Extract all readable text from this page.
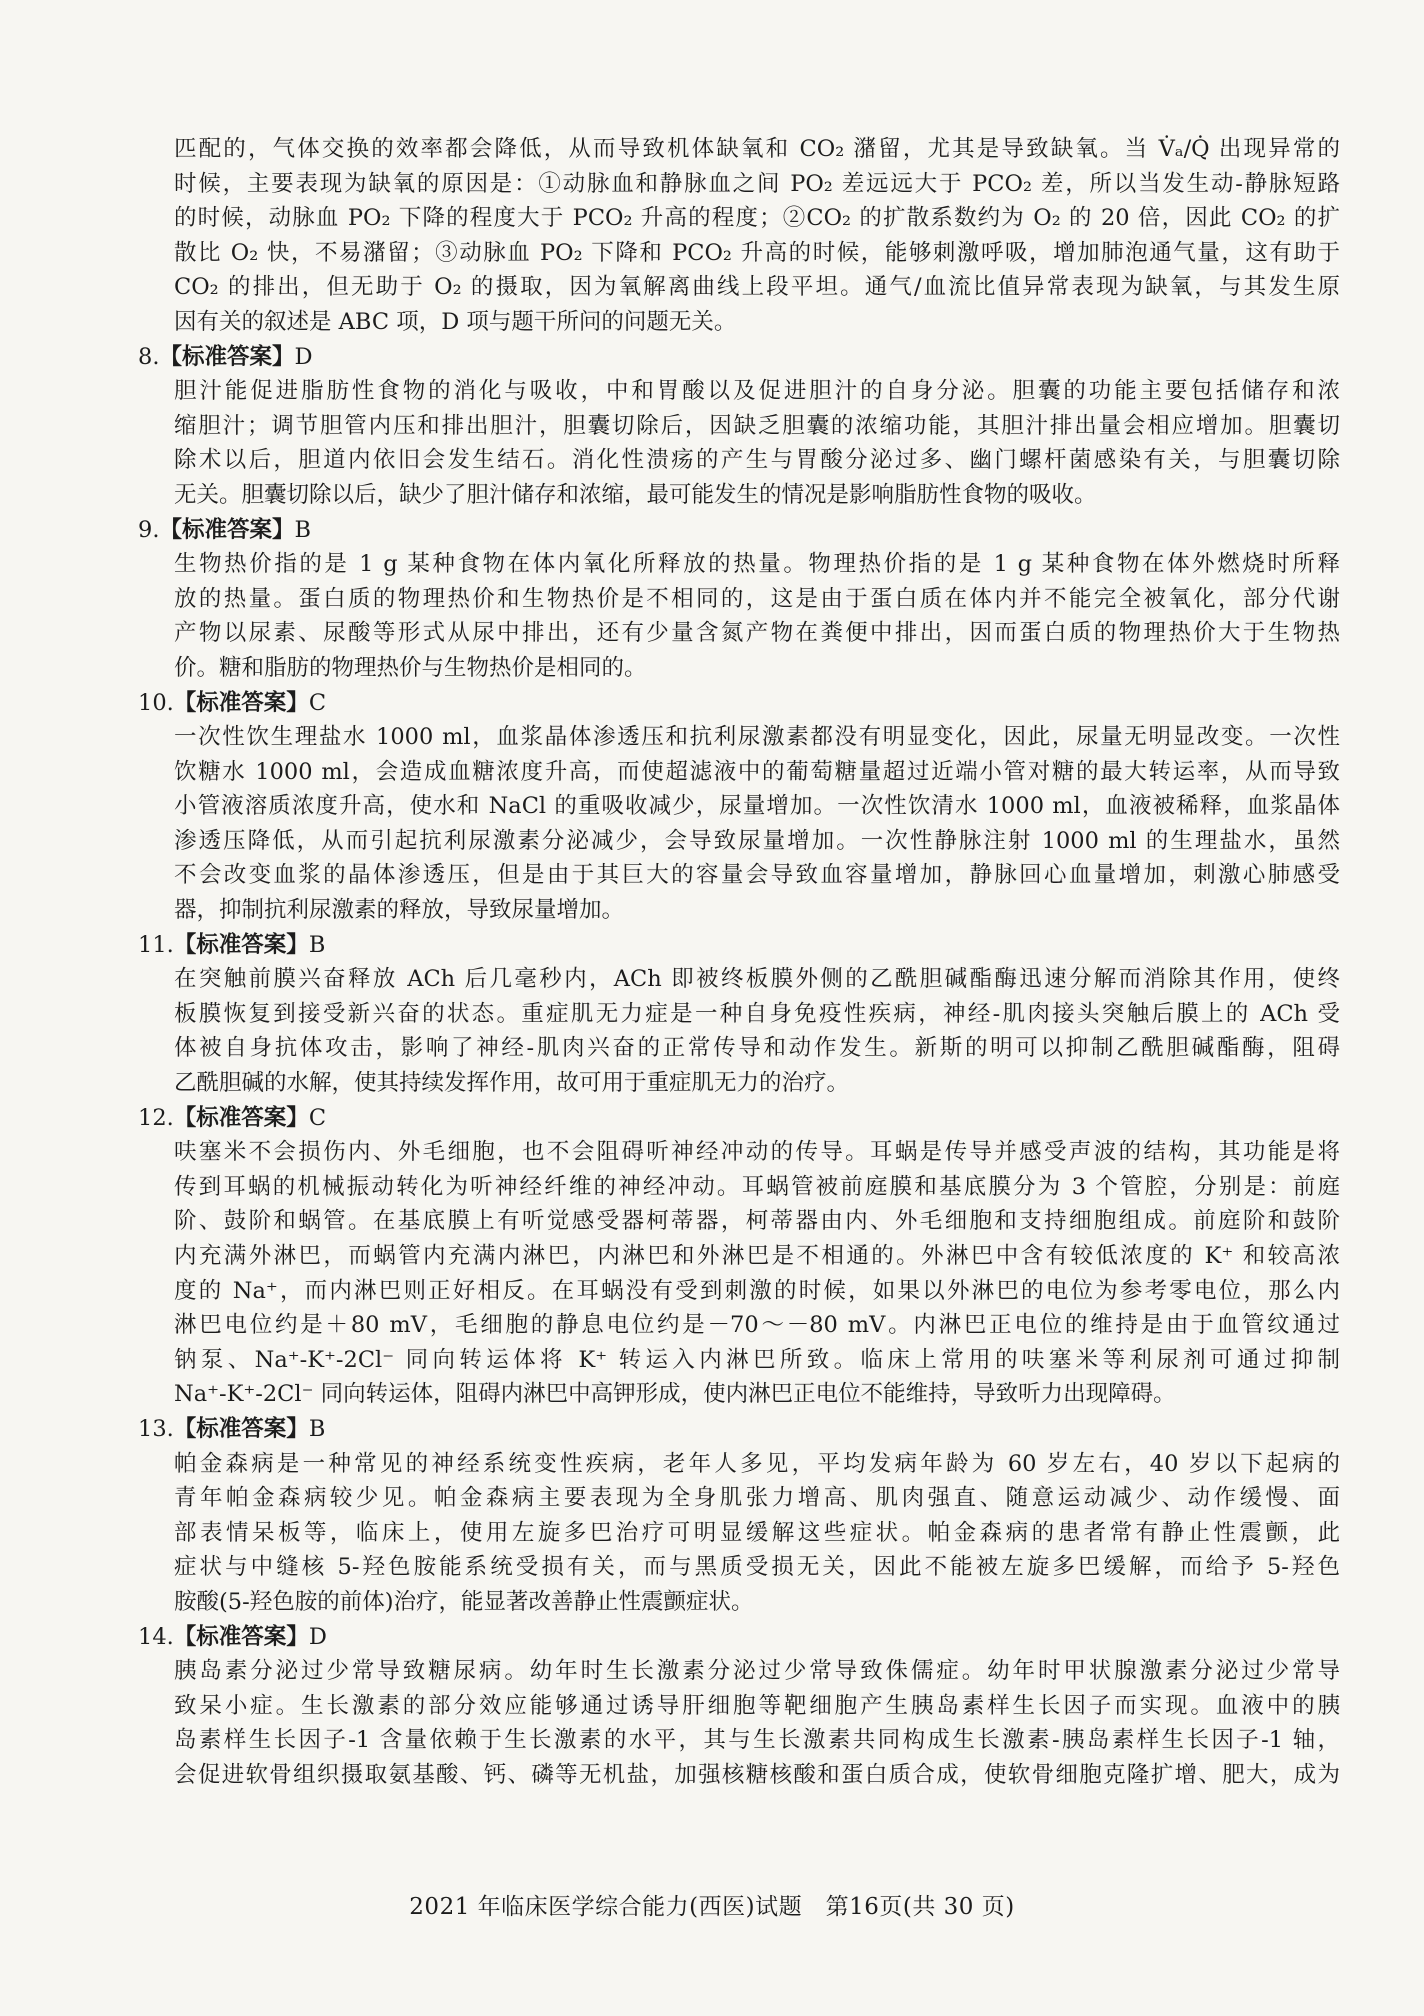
匹配的，气体交换的效率都会降低，从而导致机体缺氧和 CO₂ 潴留，尤其是导致缺氧。当 V̇ₐ/Q̇ 出现异常的

时候，主要表现为缺氧的原因是：①动脉血和静脉血之间 PO₂ 差远远大于 PCO₂ 差，所以当发生动-静脉短路

的时候，动脉血 PO₂ 下降的程度大于 PCO₂ 升高的程度；②CO₂ 的扩散系数约为 O₂ 的 20 倍，因此 CO₂ 的扩

散比 O₂ 快，不易潴留；③动脉血 PO₂ 下降和 PCO₂ 升高的时候，能够刺激呼吸，增加肺泡通气量，这有助于

CO₂ 的排出，但无助于 O₂ 的摄取，因为氧解离曲线上段平坦。通气/血流比值异常表现为缺氧，与其发生原

因有关的叙述是 ABC 项，D 项与题干所问的问题无关。

8.【标准答案】D

胆汁能促进脂肪性食物的消化与吸收，中和胃酸以及促进胆汁的自身分泌。胆囊的功能主要包括储存和浓

缩胆汁；调节胆管内压和排出胆汁，胆囊切除后，因缺乏胆囊的浓缩功能，其胆汁排出量会相应增加。胆囊切

除术以后，胆道内依旧会发生结石。消化性溃疡的产生与胃酸分泌过多、幽门螺杆菌感染有关，与胆囊切除

无关。胆囊切除以后，缺少了胆汁储存和浓缩，最可能发生的情况是影响脂肪性食物的吸收。

9.【标准答案】B

生物热价指的是 1 g 某种食物在体内氧化所释放的热量。物理热价指的是 1 g 某种食物在体外燃烧时所释

放的热量。蛋白质的物理热价和生物热价是不相同的，这是由于蛋白质在体内并不能完全被氧化，部分代谢

产物以尿素、尿酸等形式从尿中排出，还有少量含氮产物在粪便中排出，因而蛋白质的物理热价大于生物热

价。糖和脂肪的物理热价与生物热价是相同的。

10.【标准答案】C

一次性饮生理盐水 1000 ml，血浆晶体渗透压和抗利尿激素都没有明显变化，因此，尿量无明显改变。一次性

饮糖水 1000 ml，会造成血糖浓度升高，而使超滤液中的葡萄糖量超过近端小管对糖的最大转运率，从而导致

小管液溶质浓度升高，使水和 NaCl 的重吸收减少，尿量增加。一次性饮清水 1000 ml，血液被稀释，血浆晶体

渗透压降低，从而引起抗利尿激素分泌减少，会导致尿量增加。一次性静脉注射 1000 ml 的生理盐水，虽然

不会改变血浆的晶体渗透压，但是由于其巨大的容量会导致血容量增加，静脉回心血量增加，刺激心肺感受

器，抑制抗利尿激素的释放，导致尿量增加。

11.【标准答案】B

在突触前膜兴奋释放 ACh 后几毫秒内，ACh 即被终板膜外侧的乙酰胆碱酯酶迅速分解而消除其作用，使终

板膜恢复到接受新兴奋的状态。重症肌无力症是一种自身免疫性疾病，神经-肌肉接头突触后膜上的 ACh 受

体被自身抗体攻击，影响了神经-肌肉兴奋的正常传导和动作发生。新斯的明可以抑制乙酰胆碱酯酶，阻碍

乙酰胆碱的水解，使其持续发挥作用，故可用于重症肌无力的治疗。

12.【标准答案】C

呋塞米不会损伤内、外毛细胞，也不会阻碍听神经冲动的传导。耳蜗是传导并感受声波的结构，其功能是将

传到耳蜗的机械振动转化为听神经纤维的神经冲动。耳蜗管被前庭膜和基底膜分为 3 个管腔，分别是：前庭

阶、鼓阶和蜗管。在基底膜上有听觉感受器柯蒂器，柯蒂器由内、外毛细胞和支持细胞组成。前庭阶和鼓阶

内充满外淋巴，而蜗管内充满内淋巴，内淋巴和外淋巴是不相通的。外淋巴中含有较低浓度的 K⁺ 和较高浓

度的 Na⁺，而内淋巴则正好相反。在耳蜗没有受到刺激的时候，如果以外淋巴的电位为参考零电位，那么内

淋巴电位约是＋80 mV，毛细胞的静息电位约是－70～－80 mV。内淋巴正电位的维持是由于血管纹通过

钠泵、Na⁺-K⁺-2Cl⁻ 同向转运体将 K⁺ 转运入内淋巴所致。临床上常用的呋塞米等利尿剂可通过抑制

Na⁺-K⁺-2Cl⁻ 同向转运体，阻碍内淋巴中高钾形成，使内淋巴正电位不能维持，导致听力出现障碍。

13.【标准答案】B

帕金森病是一种常见的神经系统变性疾病，老年人多见，平均发病年龄为 60 岁左右，40 岁以下起病的

青年帕金森病较少见。帕金森病主要表现为全身肌张力增高、肌肉强直、随意运动减少、动作缓慢、面

部表情呆板等，临床上，使用左旋多巴治疗可明显缓解这些症状。帕金森病的患者常有静止性震颤，此

症状与中缝核 5-羟色胺能系统受损有关，而与黑质受损无关，因此不能被左旋多巴缓解，而给予 5-羟色

胺酸(5-羟色胺的前体)治疗，能显著改善静止性震颤症状。

14.【标准答案】D

胰岛素分泌过少常导致糖尿病。幼年时生长激素分泌过少常导致侏儒症。幼年时甲状腺激素分泌过少常导

致呆小症。生长激素的部分效应能够通过诱导肝细胞等靶细胞产生胰岛素样生长因子而实现。血液中的胰

岛素样生长因子-1 含量依赖于生长激素的水平，其与生长激素共同构成生长激素-胰岛素样生长因子-1 轴，

会促进软骨组织摄取氨基酸、钙、磷等无机盐，加强核糖核酸和蛋白质合成，使软骨细胞克隆扩增、肥大，成为

2021 年临床医学综合能力(西医)试题　第16页(共 30 页)
